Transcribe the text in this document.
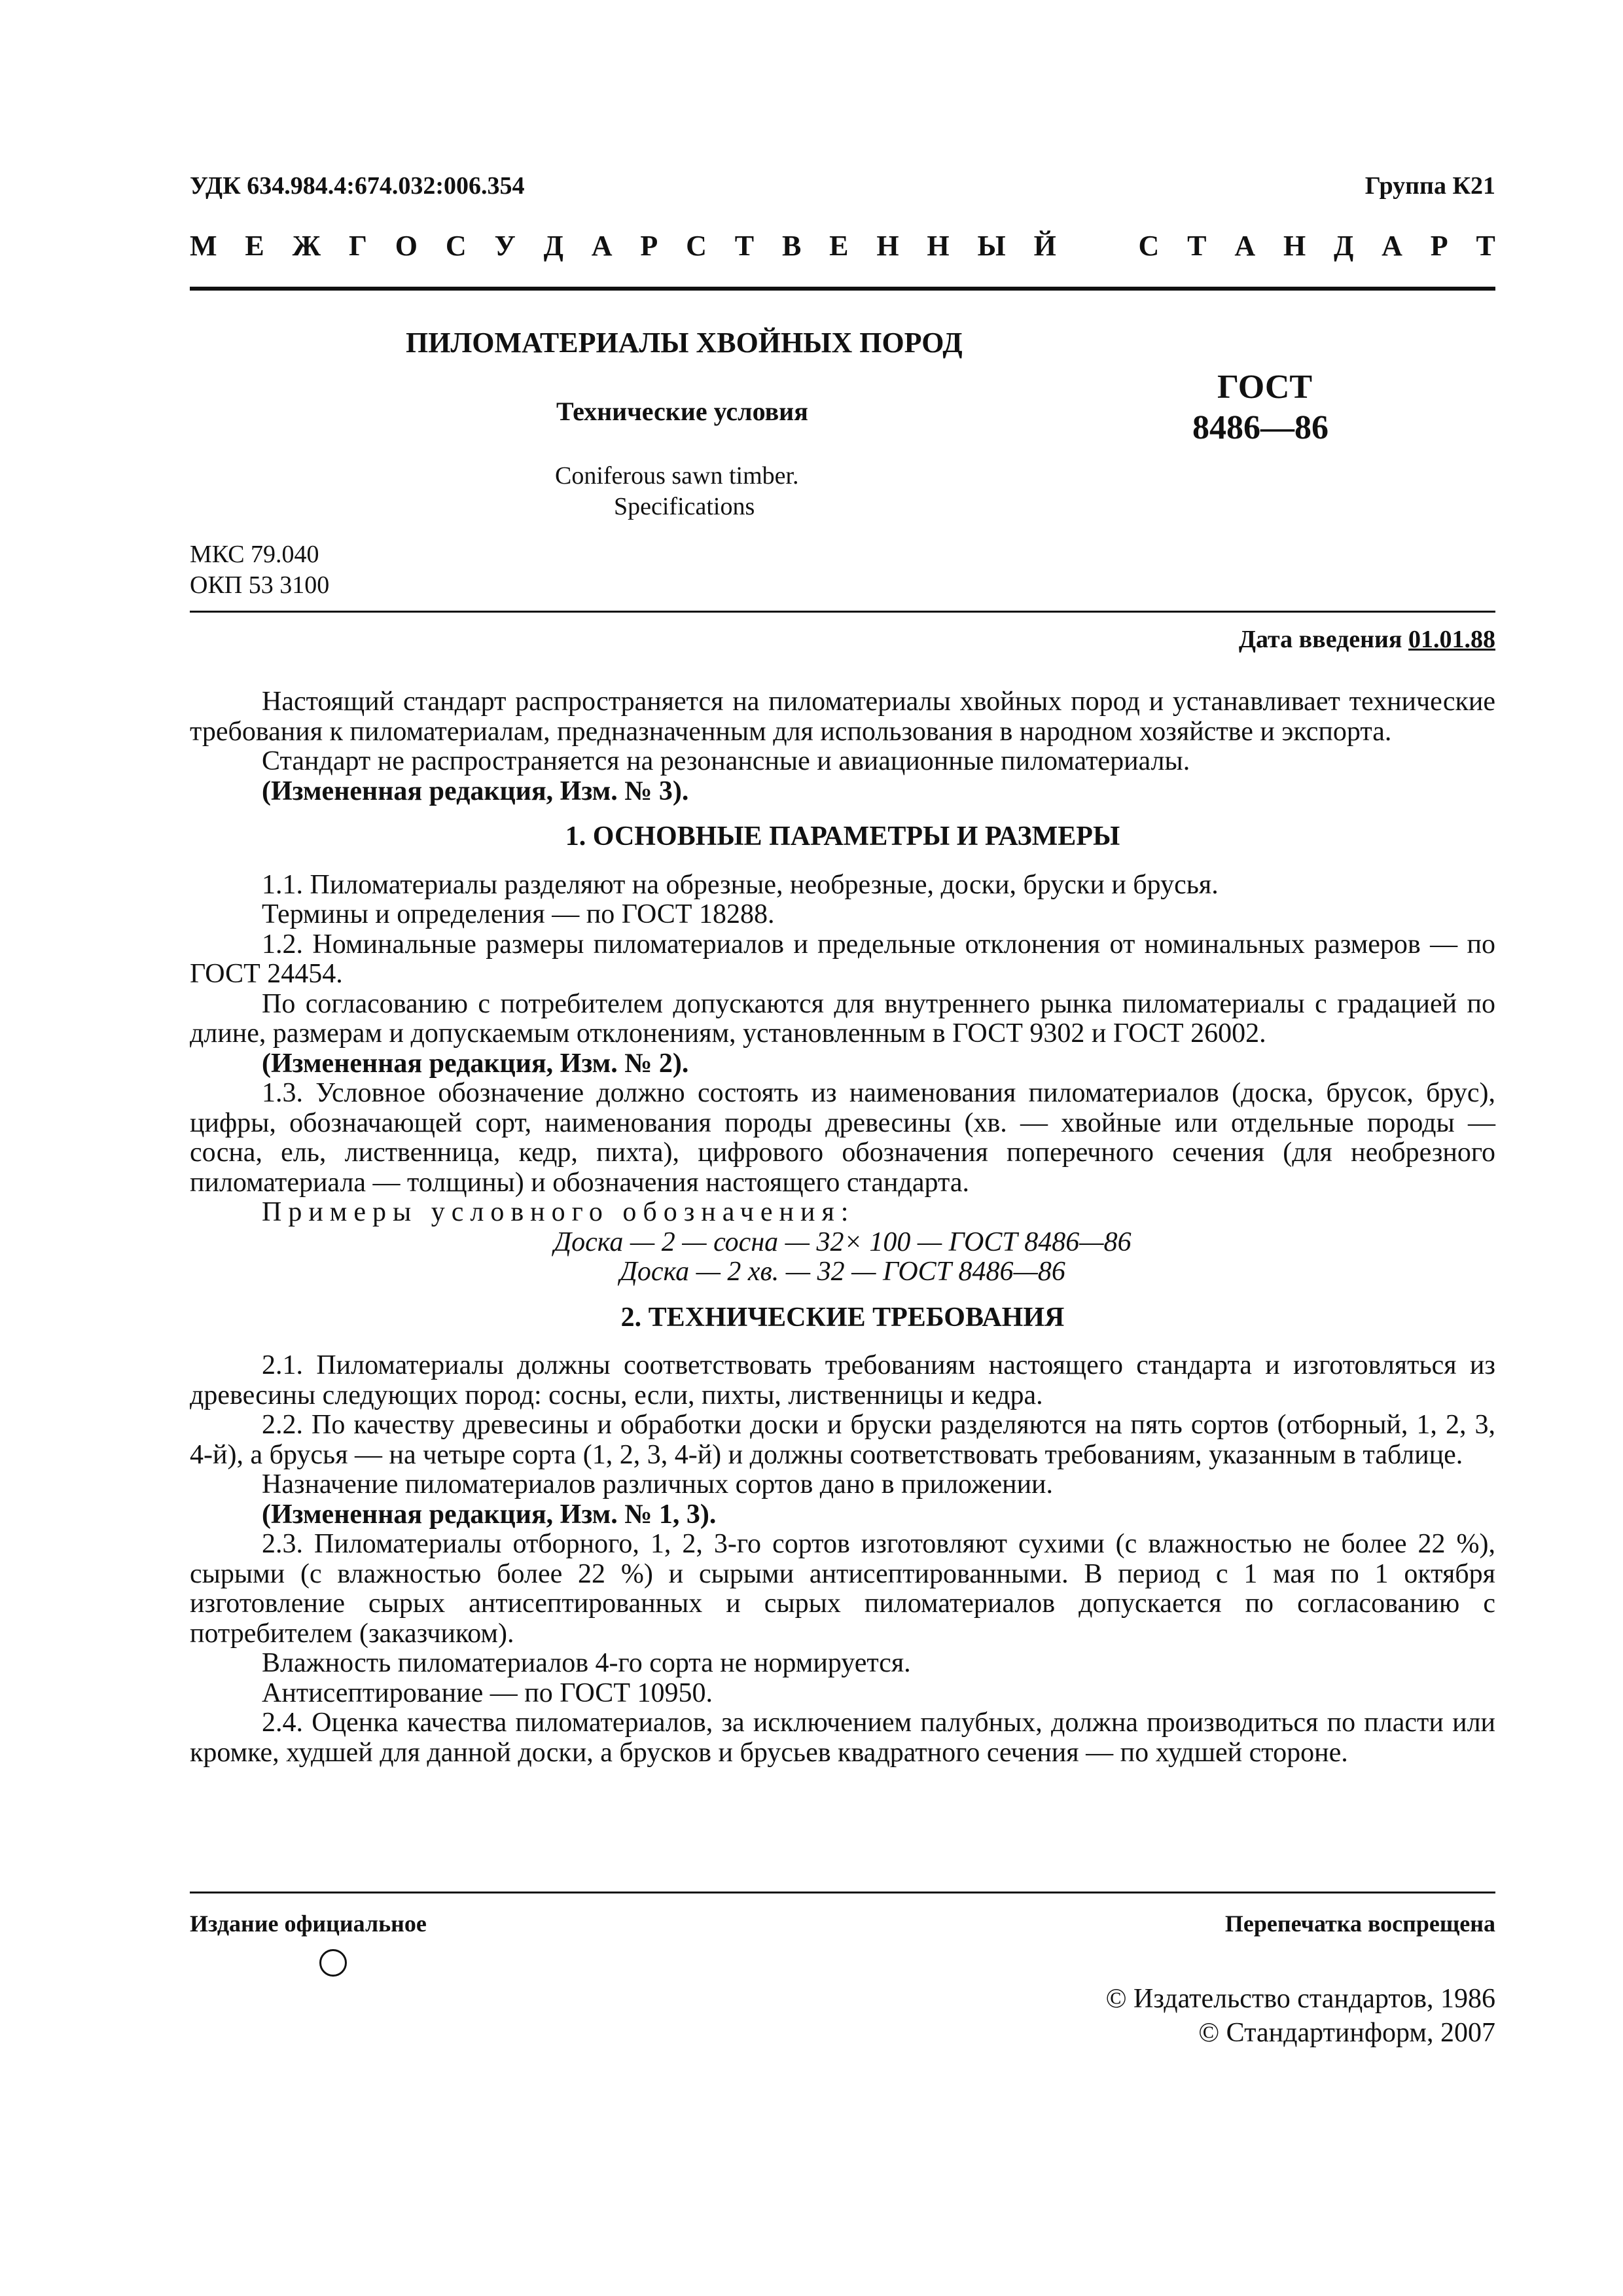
УДК 634.984.4:674.032:006.354	Группа К21
М Е Ж Г О С У Д А Р С Т В Е Н Н Ы Й	С Т А Н Д А Р Т
ПИЛОМАТЕРИАЛЫ ХВОЙНЫХ ПОРОД
Технические условия
Coniferous sawn timber.
Specifications
ГОСТ
8486—86
МКС 79.040
ОКП 53 3100
Дата введения 01.01.88

Настоящий стандарт распространяется на пиломатериалы хвойных пород и устанавливает технические требования к пиломатериалам, предназначенным для использования в народном хозяйстве и экспорта.

Стандарт не распространяется на резонансные и авиационные пиломатериалы.

(Измененная редакция, Изм. № 3).

1. ОСНОВНЫЕ ПАРАМЕТРЫ И РАЗМЕРЫ

1.1. Пиломатериалы разделяют на обрезные, необрезные, доски, бруски и брусья.

Термины и определения — по ГОСТ 18288.

1.2. Номинальные размеры пиломатериалов и предельные отклонения от номинальных размеров — по ГОСТ 24454.

По согласованию с потребителем допускаются для внутреннего рынка пиломатериалы с градацией по длине, размерам и допускаемым отклонениям, установленным в ГОСТ 9302 и ГОСТ 26002.

(Измененная редакция, Изм. № 2).

1.3. Условное обозначение должно состоять из наименования пиломатериалов (доска, брусок, брус), цифры, обозначающей сорт, наименования породы древесины (хв. — хвойные или отдельные породы — сосна, ель, лиственница, кедр, пихта), цифрового обозначения поперечного сечения (для необрезного пиломатериала — толщины) и обозначения настоящего стандарта.

Примеры условного обозначения:

Доска — 2 — сосна — 32× 100 — ГОСТ 8486—86

Доска — 2 хв. — 32 — ГОСТ 8486—86

2. ТЕХНИЧЕСКИЕ ТРЕБОВАНИЯ

2.1. Пиломатериалы должны соответствовать требованиям настоящего стандарта и изготовляться из древесины следующих пород: сосны, если, пихты, лиственницы и кедра.

2.2. По качеству древесины и обработки доски и бруски разделяются на пять сортов (отборный, 1, 2, 3, 4-й), а брусья — на четыре сорта (1, 2, 3, 4-й) и должны соответствовать требованиям, указанным в таблице.

Назначение пиломатериалов различных сортов дано в приложении.

(Измененная редакция, Изм. № 1, 3).

2.3. Пиломатериалы отборного, 1, 2, 3-го сортов изготовляют сухими (с влажностью не более 22 %), сырыми (с влажностью более 22 %) и сырыми антисептированными. В период с 1 мая по 1 октября изготовление сырых антисептированных и сырых пиломатериалов допускается по согласованию с потребителем (заказчиком).

Влажность пиломатериалов 4-го сорта не нормируется.

Антисептирование — по ГОСТ 10950.

2.4. Оценка качества пиломатериалов, за исключением палубных, должна производиться по пласти или кромке, худшей для данной доски, а брусков и брусьев квадратного сечения — по худшей стороне.

Издание официальное	Перепечатка воспрещена
© Издательство стандартов, 1986
© Стандартинформ, 2007
